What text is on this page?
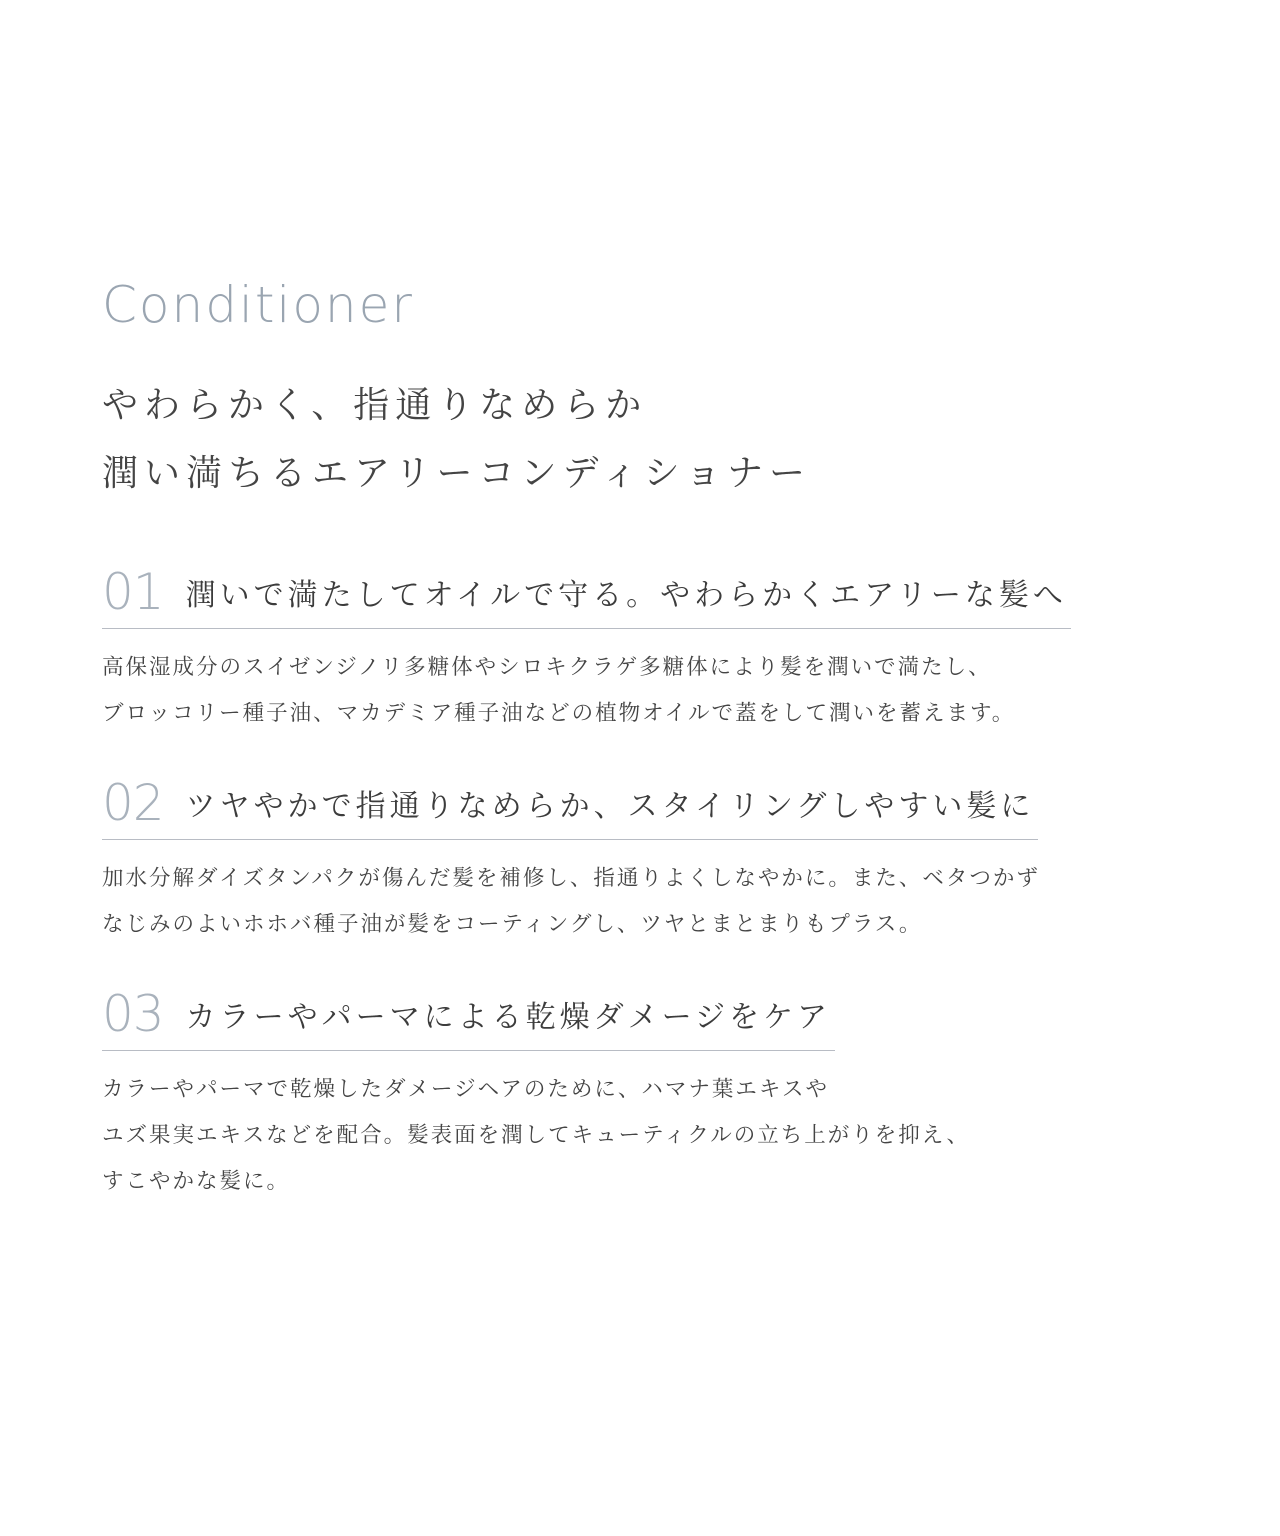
Conditioner
やわらかく、指通りなめらか
潤い満ちるエアリーコンディショナー
01 潤いで満たしてオイルで守る。やわらかくエアリーな髪へ

高保湿成分のスイゼンジノリ多糖体やシロキクラゲ多糖体により髪を潤いで満たし、
ブロッコリー種子油、マカデミア種子油などの植物オイルで蓋をして潤いを蓄えます。

02 ツヤやかで指通りなめらか、スタイリングしやすい髪に

加水分解ダイズタンパクが傷んだ髪を補修し、指通りよくしなやかに。また、ベタつかず
なじみのよいホホバ種子油が髪をコーティングし、ツヤとまとまりもプラス。

03 カラーやパーマによる乾燥ダメージをケア

カラーやパーマで乾燥したダメージヘアのために、ハマナ葉エキスや
ユズ果実エキスなどを配合。髪表面を潤してキューティクルの立ち上がりを抑え、
すこやかな髪に。
